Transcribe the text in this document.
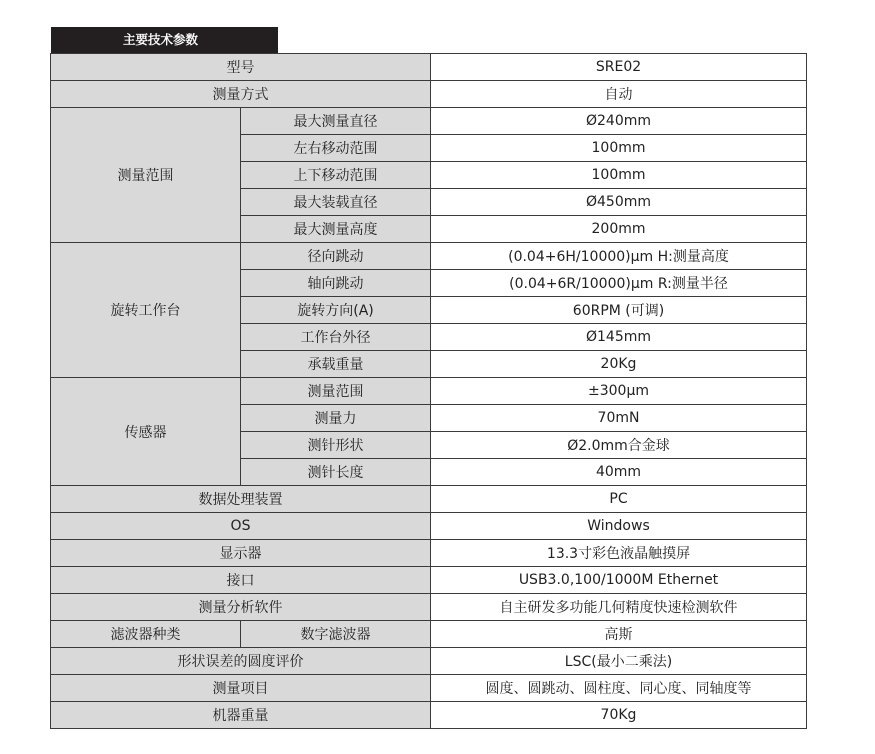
主要技术参数
型号		SRE02
测量方式		自动
测量范围	最大测量直径	Ø240mm
	左右移动范围	100mm
	上下移动范围	100mm
	最大装载直径	Ø450mm
	最大测量高度	200mm
旋转工作台	径向跳动	(0.04+6H/10000)µm H:测量高度
	轴向跳动	(0.04+6R/10000)µm R:测量半径
	旋转方向(A)	60RPM (可调)
	工作台外径	Ø145mm
	承载重量	20Kg
传感器	测量范围	±300µm
	测量力	70mN
	测针形状	Ø2.0mm合金球
	测针长度	40mm
数据处理装置		PC
OS		Windows
显示器		13.3寸彩色液晶触摸屏
接口		USB3.0,100/1000M Ethernet
测量分析软件		自主研发多功能几何精度快速检测软件
滤波器种类	数字滤波器	高斯
形状误差的圆度评价		LSC(最小二乘法)
测量项目		圆度、圆跳动、圆柱度、同心度、同轴度等
机器重量		70Kg
